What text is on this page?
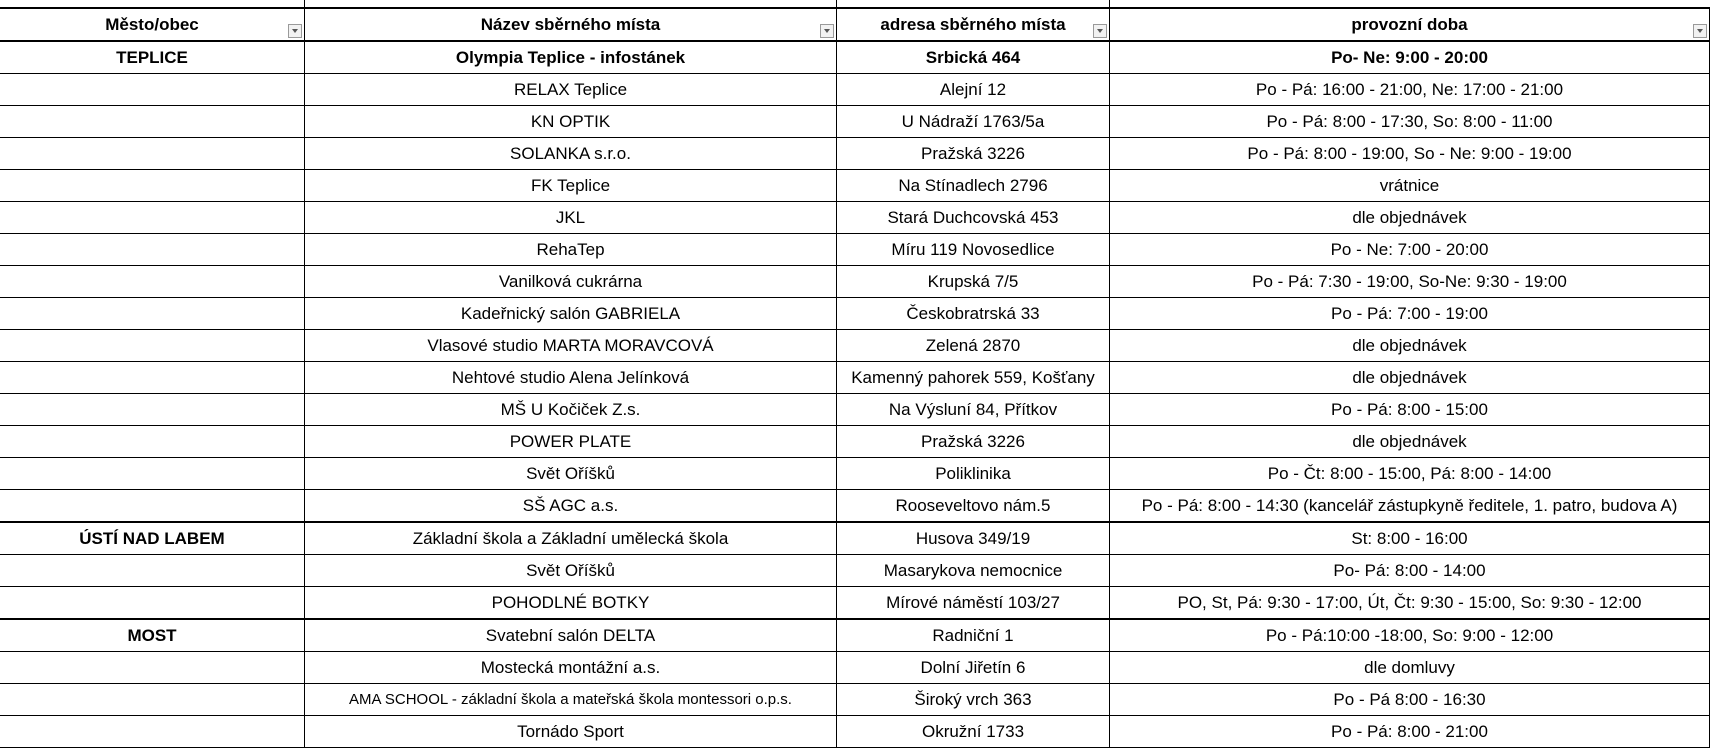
Město/obec	Název sběrného místa	adresa sběrného místa	provozní doba

TEPLICE	Olympia Teplice - infostánek	Srbická 464	Po- Ne: 9:00 - 20:00
	RELAX Teplice	Alejní 12	Po - Pá: 16:00 - 21:00, Ne: 17:00 - 21:00
	KN OPTIK	U Nádraží 1763/5a	Po - Pá: 8:00 - 17:30, So: 8:00 - 11:00
	SOLANKA s.r.o.	Pražská 3226	Po - Pá: 8:00 - 19:00, So - Ne: 9:00 - 19:00
	FK Teplice	Na Stínadlech 2796	vrátnice
	JKL	Stará Duchcovská 453	dle objednávek
	RehaTep	Míru 119 Novosedlice	Po - Ne: 7:00 - 20:00
	Vanilková cukrárna	Krupská 7/5	Po - Pá: 7:30 - 19:00, So-Ne: 9:30 - 19:00
	Kadeřnický salón GABRIELA	Českobratrská 33	Po - Pá: 7:00 - 19:00
	Vlasové studio MARTA MORAVCOVÁ	Zelená 2870	dle objednávek
	Nehtové studio Alena Jelínková	Kamenný pahorek 559, Košťany	dle objednávek
	MŠ U Kočiček Z.s.	Na Výsluní 84, Přítkov	Po - Pá: 8:00 - 15:00
	POWER PLATE	Pražská 3226	dle objednávek
	Svět Oříšků	Poliklinika	Po - Čt: 8:00 - 15:00, Pá: 8:00 - 14:00
	SŠ AGC a.s.	Rooseveltovo nám.5	Po - Pá: 8:00 - 14:30 (kancelář zástupkyně ředitele, 1. patro, budova A)
ÚSTÍ NAD LABEM	Základní škola a Základní umělecká škola	Husova 349/19	St: 8:00 - 16:00
	Svět Oříšků	Masarykova nemocnice	Po- Pá: 8:00 - 14:00
	POHODLNÉ BOTKY	Mírové náměstí 103/27	PO, St, Pá: 9:30 - 17:00, Út, Čt: 9:30 - 15:00, So: 9:30 - 12:00
MOST	Svatební salón DELTA	Radniční 1	Po - Pá:10:00 -18:00, So: 9:00 - 12:00
	Mostecká montážní a.s.	Dolní Jiřetín 6	dle domluvy
	AMA SCHOOL - základní škola a mateřská škola montessori o.p.s.	Široký vrch 363	Po - Pá 8:00 - 16:30
	Tornádo Sport	Okružní 1733	Po - Pá: 8:00 - 21:00
